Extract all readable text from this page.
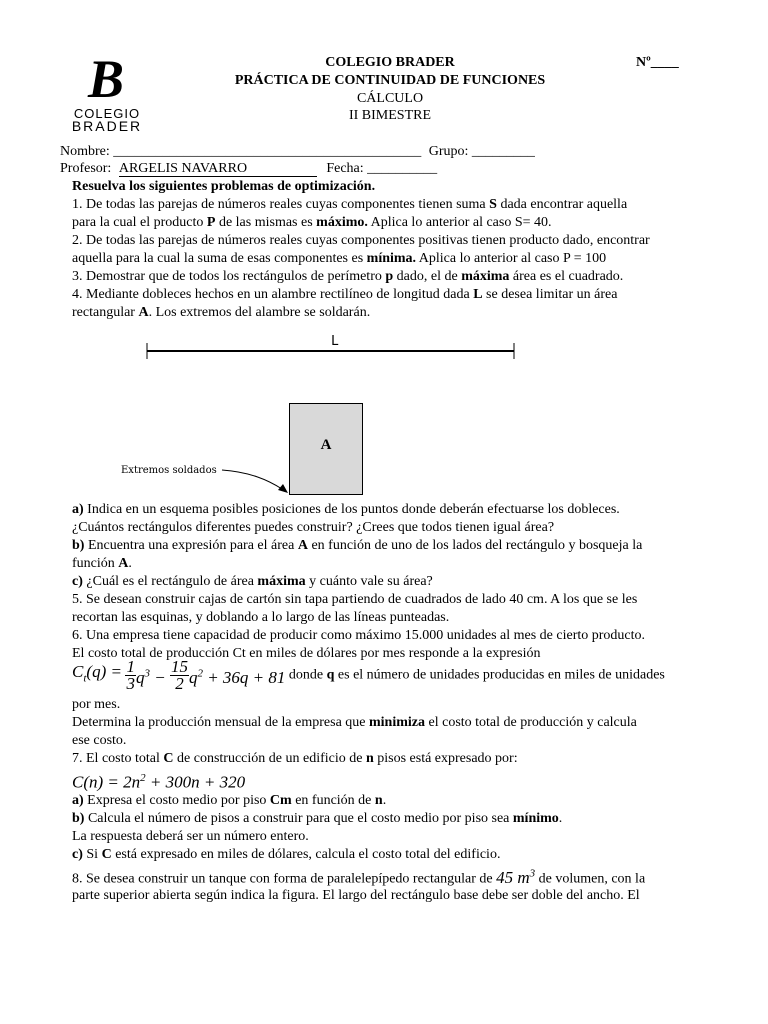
B
COLEGIO
BRADER
COLEGIO BRADER
PRÁCTICA DE CONTINUIDAD DE FUNCIONES
CÁLCULO
II BIMESTRE
Nº____
Nombre: ____________________________________________ Grupo: _________
Profesor: ARGELIS NAVARRO	Fecha: __________

Resuelva los siguientes problemas de optimización.

1. De todas las parejas de números reales cuyas componentes tienen suma S dada encontrar aquella

para la cual el producto P de las mismas es máximo. Aplica lo anterior al caso S= 40.

2. De todas las parejas de números reales cuyas componentes positivas tienen producto dado, encontrar

aquella para la cual la suma de esas componentes es mínima. Aplica lo anterior al caso P = 100

3. Demostrar que de todos los rectángulos de perímetro p dado, el de máxima área es el cuadrado.

4. Mediante dobleces hechos en un alambre rectilíneo de longitud dada L se desea limitar un área

rectangular A. Los extremos del alambre se soldarán.

L
A
Extremos soldados

a) Indica en un esquema posibles posiciones de los puntos donde deberán efectuarse los dobleces.

¿Cuántos rectángulos diferentes puedes construir? ¿Crees que todos tienen igual área?

b) Encuentra una expresión para el área A en función de uno de los lados del rectángulo y bosqueja la

función A.

c) ¿Cuál es el rectángulo de área máxima y cuánto vale su área?

5. Se desean construir cajas de cartón sin tapa partiendo de cuadrados de lado 40 cm. A los que se les

recortan las esquinas, y doblando a lo largo de las líneas punteadas.

6. Una empresa tiene capacidad de producir como máximo 15.000 unidades al mes de cierto producto.

El costo total de producción Ct en miles de dólares por mes responde a la expresión

$C_t(q) = \frac{1}{3} q^3 - \frac{15}{2} q^2 + 36q + 81$ donde q es el número de unidades producidas en miles de unidades

por mes.

Determina la producción mensual de la empresa que minimiza el costo total de producción y calcula

ese costo.

7. El costo total C de construcción de un edificio de n pisos está expresado por:

$C(n) = 2n^2 + 300n + 320$

a) Expresa el costo medio por piso Cm en función de n.

b) Calcula el número de pisos a construir para que el costo medio por piso sea mínimo.

La respuesta deberá ser un número entero.

c) Si C está expresado en miles de dólares, calcula el costo total del edificio.

8. Se desea construir un tanque con forma de paralelepípedo rectangular de 45 $m^3$ de volumen, con la
parte superior abierta según indica la figura. El largo del rectángulo base debe ser doble del ancho. El
